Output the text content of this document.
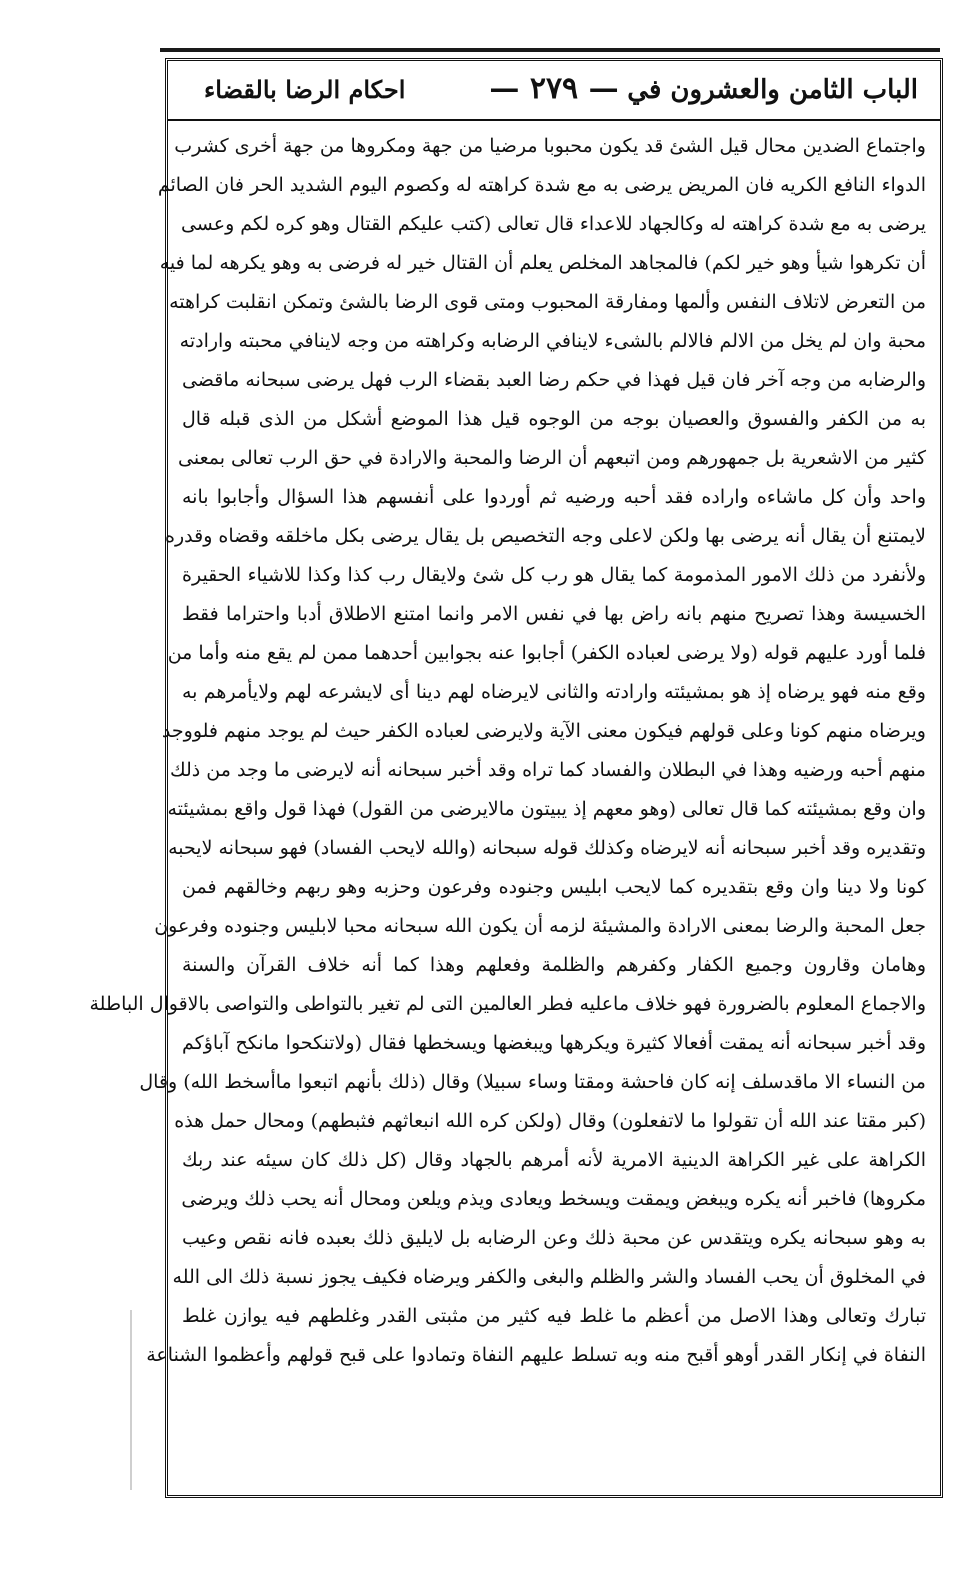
الباب الثامن والعشرون في
— ٢٧٩ —
احكام الرضا بالقضاء
واجتماع الضدين محال قيل الشئ قد يكون محبوبا مرضيا من جهة ومكروها من جهة أخرى كشرب
الدواء النافع الكريه فان المريض يرضى به مع شدة كراهته له وكصوم اليوم الشديد الحر فان الصائم
يرضى به مع شدة كراهته له وكالجهاد للاعداء قال تعالى (كتب عليكم القتال وهو كره لكم وعسى
أن تكرهوا شيأ وهو خير لكم) فالمجاهد المخلص يعلم أن القتال خير له فرضى به وهو يكرهه لما فيه
من التعرض لاتلاف النفس وألمها ومفارقة المحبوب ومتى قوى الرضا بالشئ وتمكن انقلبت كراهته
محبة وان لم يخل من الالم فالالم بالشىء لاينافي الرضابه وكراهته من وجه لاينافي محبته وارادته
والرضابه من وجه آخر فان قيل فهذا في حكم رضا العبد بقضاء الرب فهل يرضى سبحانه ماقضى
به من الكفر والفسوق والعصيان بوجه من الوجوه قيل هذا الموضع أشكل من الذى قبله قال
كثير من الاشعرية بل جمهورهم ومن اتبعهم أن الرضا والمحبة والارادة في حق الرب تعالى بمعنى
واحد وأن كل ماشاءه واراده فقد أحبه ورضيه ثم أوردوا على أنفسهم هذا السؤال وأجابوا بانه
لايمتنع أن يقال أنه يرضى بها ولكن لاعلى وجه التخصيص بل يقال يرضى بكل ماخلقه وقضاه وقدره
ولأنفرد من ذلك الامور المذمومة كما يقال هو رب كل شئ ولايقال رب كذا وكذا للاشياء الحقيرة
الخسيسة وهذا تصريح منهم بانه راض بها في نفس الامر وانما امتنع الاطلاق أدبا واحتراما فقط
فلما أورد عليهم قوله (ولا يرضى لعباده الكفر) أجابوا عنه بجوابين أحدهما ممن لم يقع منه وأما من
وقع منه فهو يرضاه إذ هو بمشيئته وارادته والثانى لايرضاه لهم دينا أى لايشرعه لهم ولايأمرهم به
ويرضاه منهم كونا وعلى قولهم فيكون معنى الآية ولايرضى لعباده الكفر حيث لم يوجد منهم فلووجد
منهم أحبه ورضيه وهذا في البطلان والفساد كما تراه وقد أخبر سبحانه أنه لايرضى ما وجد من ذلك
وان وقع بمشيئته كما قال تعالى (وهو معهم إذ يبيتون مالايرضى من القول) فهذا قول واقع بمشيئته
وتقديره وقد أخبر سبحانه أنه لايرضاه وكذلك قوله سبحانه (والله لايحب الفساد) فهو سبحانه لايحبه
كونا ولا دينا وان وقع بتقديره كما لايحب ابليس وجنوده وفرعون وحزبه وهو ربهم وخالقهم فمن
جعل المحبة والرضا بمعنى الارادة والمشيئة لزمه أن يكون الله سبحانه محبا لابليس وجنوده وفرعون
وهامان وقارون وجميع الكفار وكفرهم والظلمة وفعلهم وهذا كما أنه خلاف القرآن والسنة
والاجماع المعلوم بالضرورة فهو خلاف ماعليه فطر العالمين التى لم تغير بالتواطى والتواصى بالاقوال الباطلة
وقد أخبر سبحانه أنه يمقت أفعالا كثيرة ويكرهها ويبغضها ويسخطها فقال (ولاتنكحوا مانكح آباؤكم
من النساء الا ماقدسلف إنه كان فاحشة ومقتا وساء سبيلا) وقال (ذلك بأنهم اتبعوا ماأسخط الله) وقال
(كبر مقتا عند الله أن تقولوا ما لاتفعلون) وقال (ولكن كره الله انبعاثهم فثبطهم) ومحال حمل هذه
الكراهة على غير الكراهة الدينية الامرية لأنه أمرهم بالجهاد وقال (كل ذلك كان سيئه عند ربك
مكروها) فاخبر أنه يكره ويبغض ويمقت ويسخط ويعادى ويذم ويلعن ومحال أنه يحب ذلك ويرضى
به وهو سبحانه يكره ويتقدس عن محبة ذلك وعن الرضابه بل لايليق ذلك بعبده فانه نقص وعيب
في المخلوق أن يحب الفساد والشر والظلم والبغى والكفر ويرضاه فكيف يجوز نسبة ذلك الى الله
تبارك وتعالى وهذا الاصل من أعظم ما غلط فيه كثير من مثبتى القدر وغلطهم فيه يوازن غلط
النفاة في إنكار القدر أوهو أقبح منه وبه تسلط عليهم النفاة وتمادوا على قبح قولهم وأعظموا الشناعة
